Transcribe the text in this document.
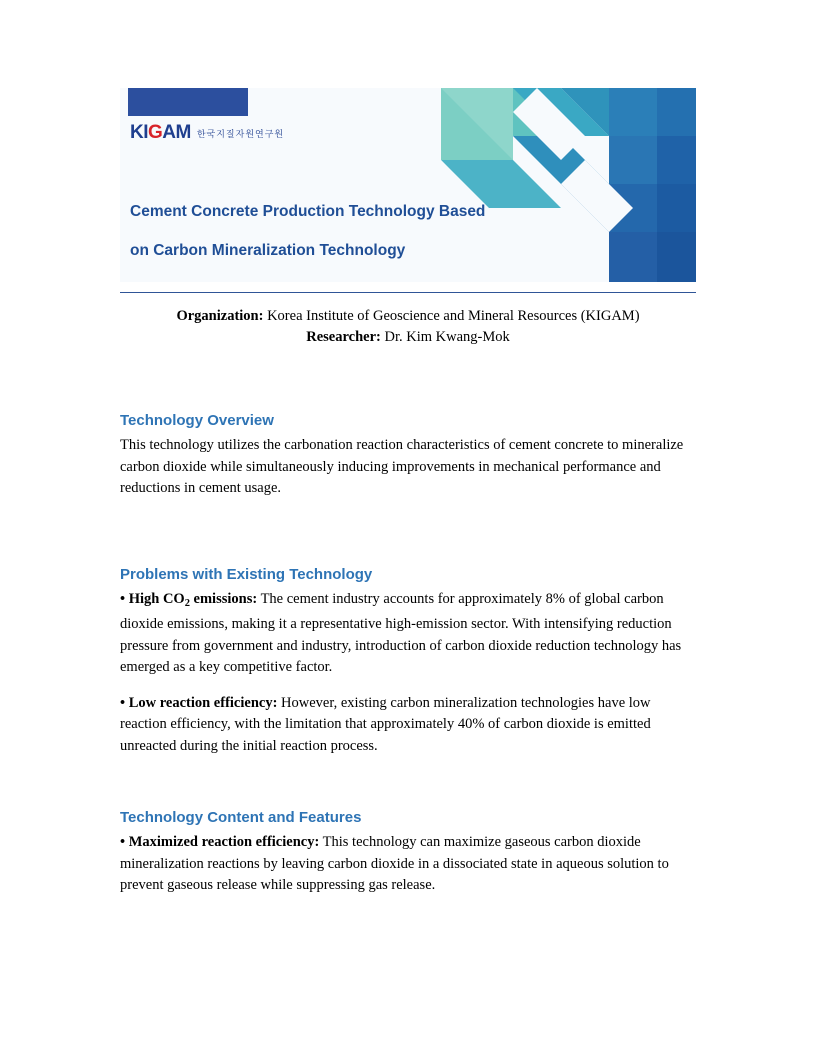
KIGAM 한국지질자원연구원
Cement Concrete Production Technology Based
on Carbon Mineralization Technology
Organization: Korea Institute of Geoscience and Mineral Resources (KIGAM)
Researcher: Dr. Kim Kwang-Mok
Technology Overview

This technology utilizes the carbonation reaction characteristics of cement concrete to mineralize carbon dioxide while simultaneously inducing improvements in mechanical performance and reductions in cement usage.

Problems with Existing Technology

• High $CO_2$ emissions: The cement industry accounts for approximately 8% of global carbon dioxide emissions, making it a representative high-emission sector. With intensifying reduction pressure from government and industry, introduction of carbon dioxide reduction technology has emerged as a key competitive factor.

• Low reaction efficiency: However, existing carbon mineralization technologies have low reaction efficiency, with the limitation that approximately 40% of carbon dioxide is emitted unreacted during the initial reaction process.

Technology Content and Features

• Maximized reaction efficiency: This technology can maximize gaseous carbon dioxide mineralization reactions by leaving carbon dioxide in a dissociated state in aqueous solution to prevent gaseous release while suppressing gas release.
